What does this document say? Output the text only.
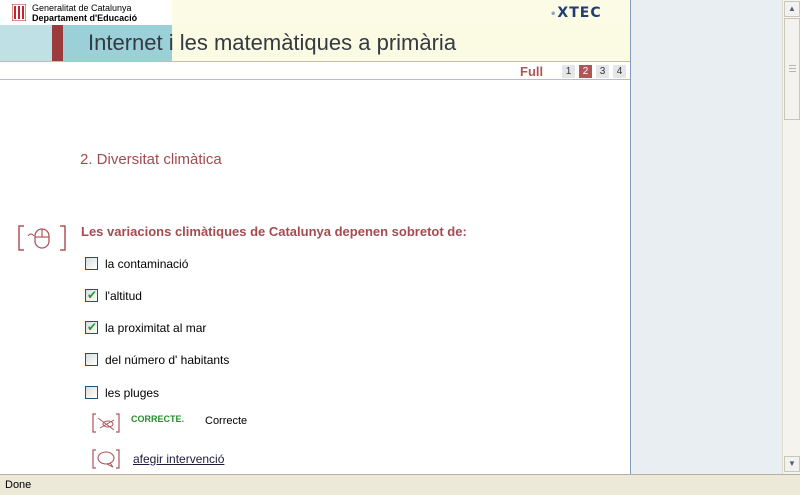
Generalitat de Catalunya
Departament d'Educació	•XTEC
Internet i les matemàtiques a primària
Full	1	2	3	4
2. Diversitat climàtica
Les variacions climàtiques de Catalunya depenen sobretot de:
la contaminació
✔ l'altitud
✔ la proximitat al mar
del número d' habitants
les pluges
CORRECTE. Correcte
afegir intervenció
▲
▼
Done
